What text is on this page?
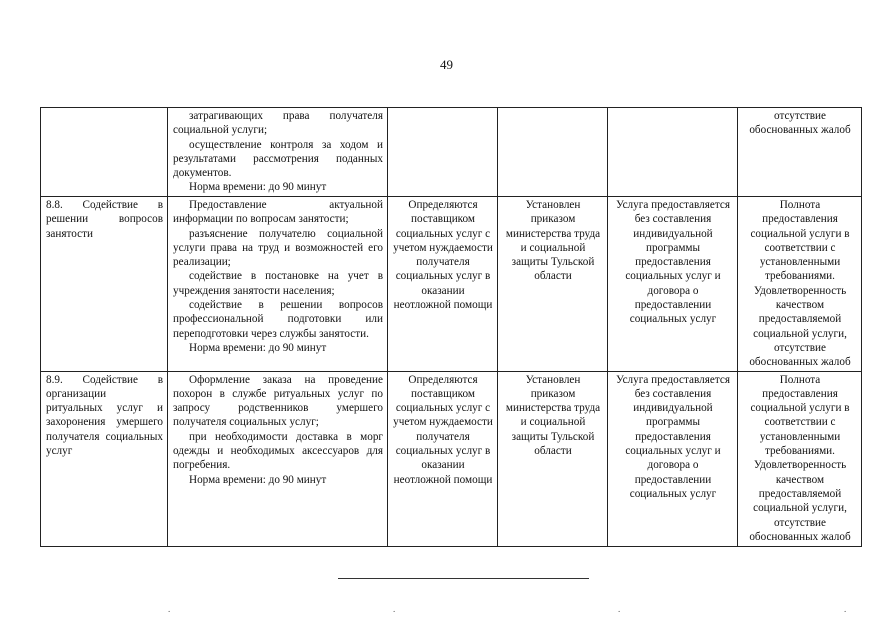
49

	затрагивающих права получателя социальной услуги;
осуществление контроля за ходом и результатами рассмотрения поданных документов.
Норма времени: до 90 минут				отсутствие обоснованных жалоб
8.8. Содействие в решении вопросов занятости	Предоставление актуальной информации по вопросам занятости;
разъяснение получателю социальной услуги права на труд и возможностей его реализации;
содействие в постановке на учет в учреждения занятости населения;
содействие в решении вопросов профессиональной подготовки или переподготовки через службы занятости.
Норма времени: до 90 минут	Определяются поставщиком социальных услуг с учетом нуждаемости получателя социальных услуг в оказании неотложной помощи	Установлен приказом министерства труда и социальной защиты Тульской области	Услуга предоставляется без составления индивидуальной программы предоставления социальных услуг и договора о предоставлении социальных услуг	Полнота предоставления социальной услуги в соответствии с установленными требованиями. Удовлетворенность качеством предоставляемой социальной услуги, отсутствие обоснованных жалоб
8.9. Содействие в организации ритуальных услуг и захоронения умершего получателя социальных услуг	Оформление заказа на проведение похорон в службе ритуальных услуг по запросу родственников умершего получателя социальных услуг;
при необходимости доставка в морг одежды и необходимых аксессуаров для погребения.
Норма времени: до 90 минут	Определяются поставщиком социальных услуг с учетом нуждаемости получателя социальных услуг в оказании неотложной помощи	Установлен приказом министерства труда и социальной защиты Тульской области	Услуга предоставляется без составления индивидуальной программы предоставления социальных услуг и договора о предоставлении социальных услуг	Полнота предоставления социальной услуги в соответствии с установленными требованиями. Удовлетворенность качеством предоставляемой социальной услуги, отсутствие обоснованных жалоб
.	.	.	.
